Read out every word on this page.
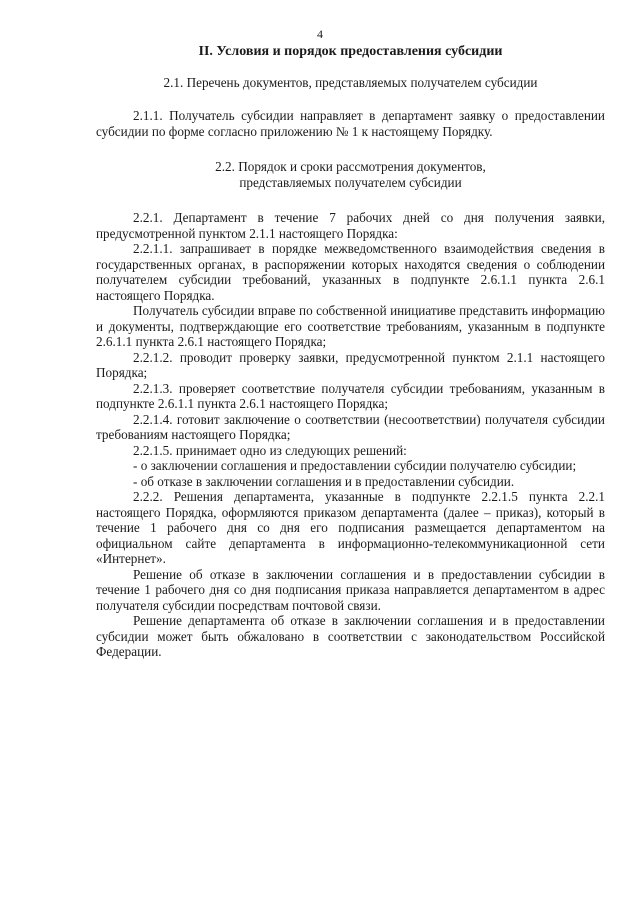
4
II. Условия и порядок предоставления субсидии
2.1. Перечень документов, представляемых получателем субсидии

2.1.1. Получатель субсидии направляет в департамент заявку о предоставлении субсидии по форме согласно приложению № 1 к настоящему Порядку.

2.2. Порядок и сроки рассмотрения документов,
представляемых получателем субсидии

2.2.1. Департамент в течение 7 рабочих дней со дня получения заявки, предусмотренной пунктом 2.1.1 настоящего Порядка:

2.2.1.1. запрашивает в порядке межведомственного взаимодействия сведения в государственных органах, в распоряжении которых находятся сведения о соблюдении получателем субсидии требований, указанных в подпункте 2.6.1.1 пункта 2.6.1 настоящего Порядка.

Получатель субсидии вправе по собственной инициативе представить информацию и документы, подтверждающие его соответствие требованиям, указанным в подпункте 2.6.1.1 пункта 2.6.1 настоящего Порядка;

2.2.1.2. проводит проверку заявки, предусмотренной пунктом 2.1.1 настоящего Порядка;

2.2.1.3. проверяет соответствие получателя субсидии требованиям, указанным в подпункте 2.6.1.1 пункта 2.6.1 настоящего Порядка;

2.2.1.4. готовит заключение о соответствии (несоответствии) получателя субсидии требованиям настоящего Порядка;

2.2.1.5. принимает одно из следующих решений:

- о заключении соглашения и предоставлении субсидии получателю субсидии;

- об отказе в заключении соглашения и в предоставлении субсидии.

2.2.2. Решения департамента, указанные в подпункте 2.2.1.5 пункта 2.2.1 настоящего Порядка, оформляются приказом департамента (далее – приказ), который в течение 1 рабочего дня со дня его подписания размещается департаментом на официальном сайте департамента в информационно-телекоммуникационной сети «Интернет».

Решение об отказе в заключении соглашения и в предоставлении субсидии в течение 1 рабочего дня со дня подписания приказа направляется департаментом в адрес получателя субсидии посредствам почтовой связи.

Решение департамента об отказе в заключении соглашения и в предоставлении субсидии может быть обжаловано в соответствии с законодательством Российской Федерации.
